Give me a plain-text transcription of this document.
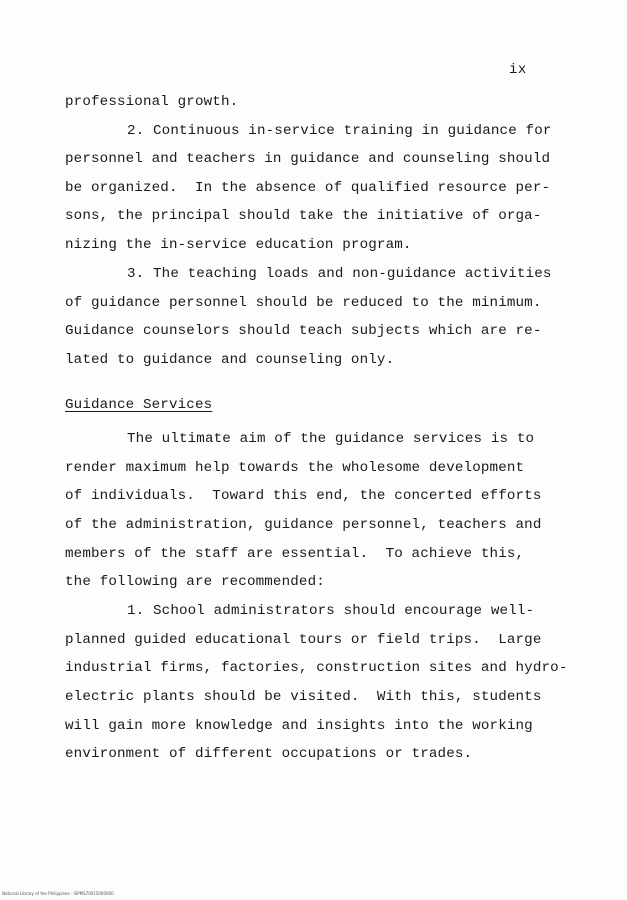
ix
professional growth.
2. Continuous in-service training in guidance for
personnel and teachers in guidance and counseling should
be organized.  In the absence of qualified resource per-
sons, the principal should take the initiative of orga-
nizing the in-service education program.
3. The teaching loads and non-guidance activities
of guidance personnel should be reduced to the minimum.
Guidance counselors should teach subjects which are re-
lated to guidance and counseling only.
Guidance Services
The ultimate aim of the guidance services is to
render maximum help towards the wholesome development
of individuals.  Toward this end, the concerted efforts
of the administration, guidance personnel, teachers and
members of the staff are essential.  To achieve this,
the following are recommended:
1. School administrators should encourage well-
planned guided educational tours or field trips.  Large
industrial firms, factories, construction sites and hydro-
electric plants should be visited.  With this, students
will gain more knowledge and insights into the working
environment of different occupations or trades.
National Library of the Philippines · ISPMS70015000000
